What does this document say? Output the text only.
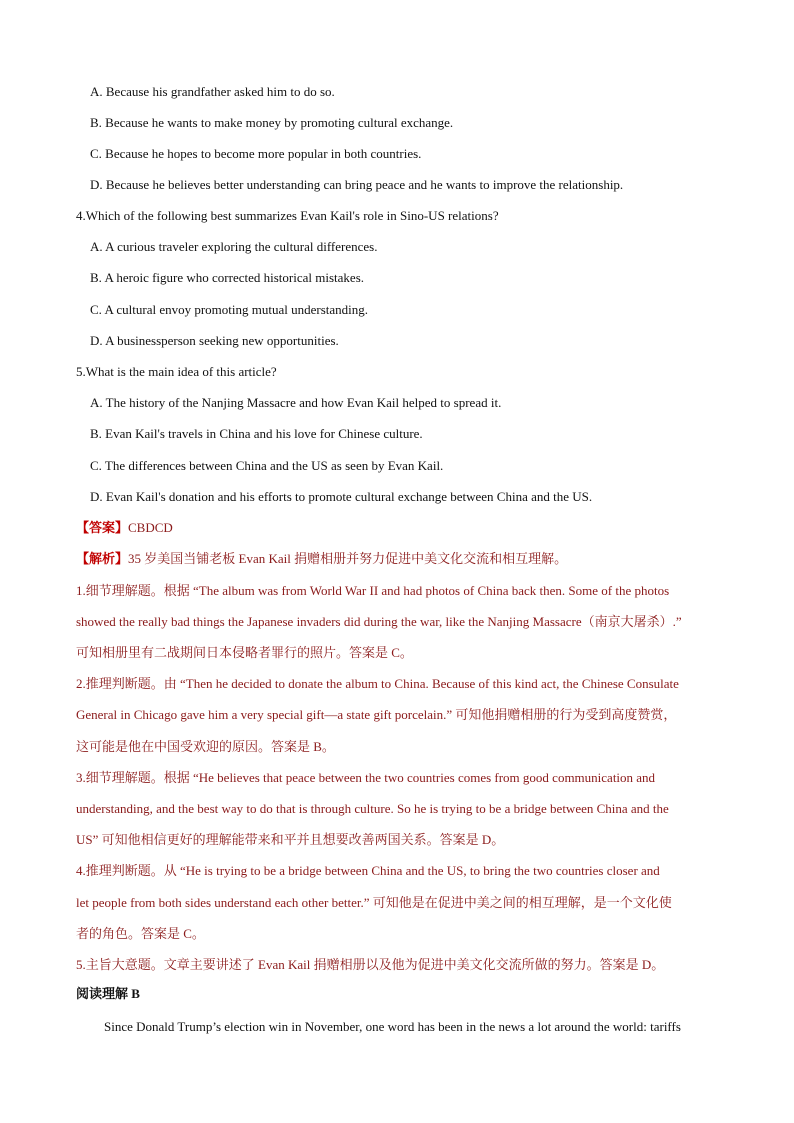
A. Because his grandfather asked him to do so.
B. Because he wants to make money by promoting cultural exchange.
C. Because he hopes to become more popular in both countries.
D. Because he believes better understanding can bring peace and he wants to improve the relationship.
4.Which of the following best summarizes Evan Kail's role in Sino-US relations?
A. A curious traveler exploring the cultural differences.
B. A heroic figure who corrected historical mistakes.
C. A cultural envoy promoting mutual understanding.
D. A businessperson seeking new opportunities.
5.What is the main idea of this article?
A. The history of the Nanjing Massacre and how Evan Kail helped to spread it.
B. Evan Kail's travels in China and his love for Chinese culture.
C. The differences between China and the US as seen by Evan Kail.
D. Evan Kail's donation and his efforts to promote cultural exchange between China and the US.
【答案】CBDCD
【解析】35 岁美国当铺老板 Evan Kail 捐赠相册并努力促进中美文化交流和相互理解。
1.细节理解题。根据 “The album was from World War II and had photos of China back then. Some of the photos
showed the really bad things the Japanese invaders did during the war, like the Nanjing Massacre（南京大屠杀）.”
可知相册里有二战期间日本侵略者罪行的照片。答案是 C。
2.推理判断题。由 “Then he decided to donate the album to China. Because of this kind act, the Chinese Consulate
General in Chicago gave him a very special gift—a state gift porcelain.” 可知他捐赠相册的行为受到高度赞赏，
这可能是他在中国受欢迎的原因。答案是 B。
3.细节理解题。根据 “He believes that peace between the two countries comes from good communication and
understanding, and the best way to do that is through culture. So he is trying to be a bridge between China and the
US” 可知他相信更好的理解能带来和平并且想要改善两国关系。答案是 D。
4.推理判断题。从 “He is trying to be a bridge between China and the US, to bring the two countries closer and
let people from both sides understand each other better.” 可知他是在促进中美之间的相互理解，是一个文化使
者的角色。答案是 C。
5.主旨大意题。文章主要讲述了 Evan Kail 捐赠相册以及他为促进中美文化交流所做的努力。答案是 D。
阅读理解 B
Since Donald Trump’s election win in November, one word has been in the news a lot around the world: tariffs
